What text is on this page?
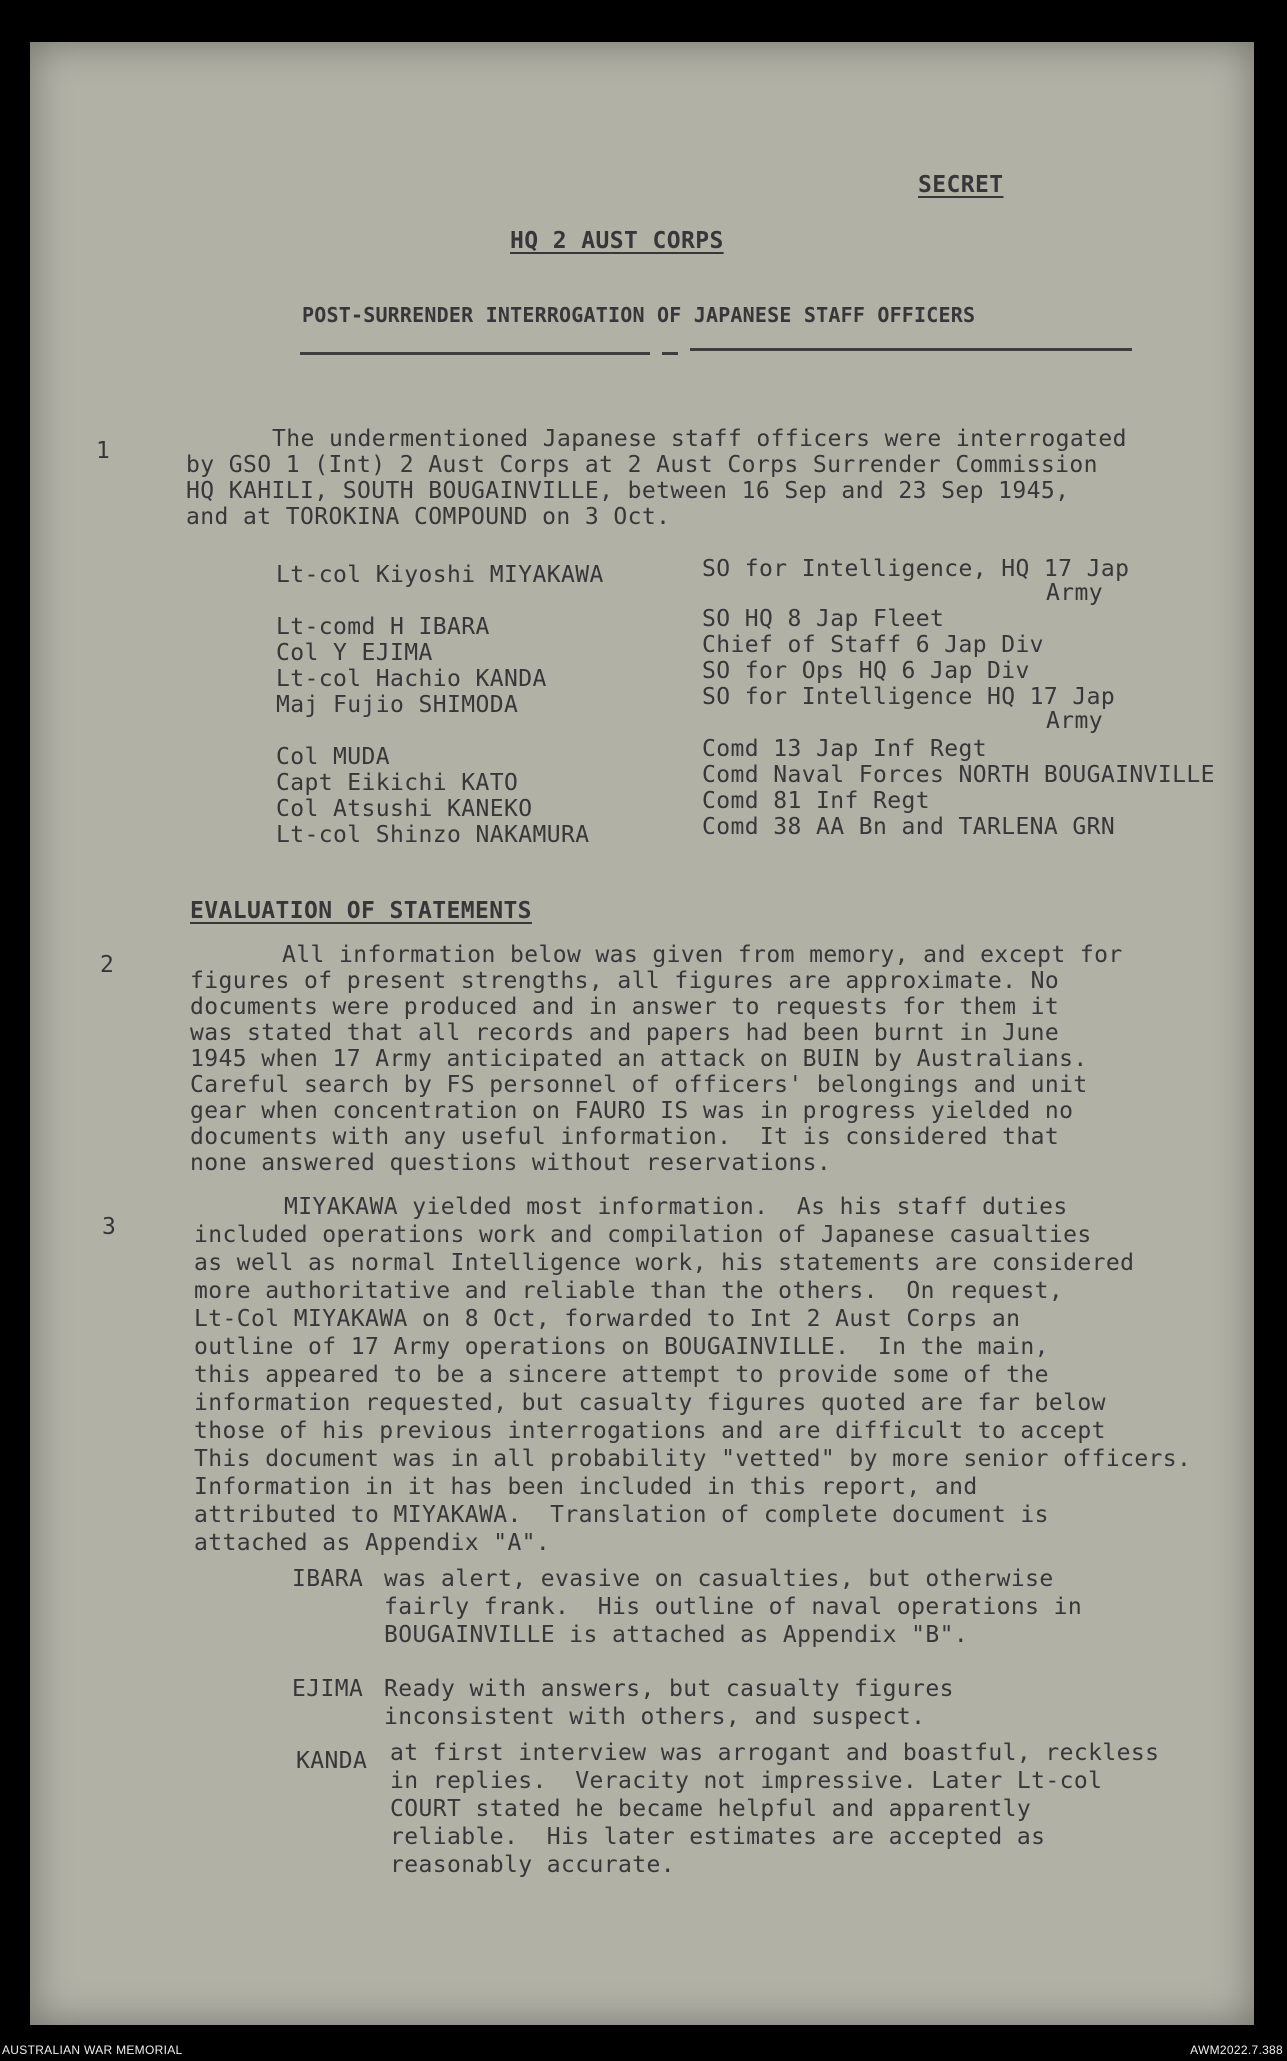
SECRET
HQ 2 AUST CORPS
POST-SURRENDER INTERROGATION OF JAPANESE STAFF OFFICERS
1	The undermentioned Japanese staff officers were interrogated
by GSO 1 (Int) 2 Aust Corps at 2 Aust Corps Surrender Commission
HQ KAHILI, SOUTH BOUGAINVILLE, between 16 Sep and 23 Sep 1945,
and at TOROKINA COMPOUND on 3 Oct.
Lt-col Kiyoshi MIYAKAWA	SO for Intelligence, HQ 17 Jap
Army
Lt-comd H IBARA	SO HQ 8 Jap Fleet
Col Y EJIMA	Chief of Staff 6 Jap Div
Lt-col Hachio KANDA	SO for Ops HQ 6 Jap Div
Maj Fujio SHIMODA	SO for Intelligence HQ 17 Jap
Army
Col MUDA	Comd 13 Jap Inf Regt
Capt Eikichi KATO	Comd Naval Forces NORTH BOUGAINVILLE
Col Atsushi KANEKO	Comd 81 Inf Regt
Lt-col Shinzo NAKAMURA	Comd 38 AA Bn and TARLENA GRN
EVALUATION OF STATEMENTS
2	All information below was given from memory, and except for
figures of present strengths, all figures are approximate. No
documents were produced and in answer to requests for them it
was stated that all records and papers had been burnt in June
1945 when 17 Army anticipated an attack on BUIN by Australians.
Careful search by FS personnel of officers' belongings and unit
gear when concentration on FAURO IS was in progress yielded no
documents with any useful information.  It is considered that
none answered questions without reservations.
3
MIYAKAWA yielded most information.  As his staff duties
included operations work and compilation of Japanese casualties
as well as normal Intelligence work, his statements are considered
more authoritative and reliable than the others.  On request,
Lt-Col MIYAKAWA on 8 Oct, forwarded to Int 2 Aust Corps an
outline of 17 Army operations on BOUGAINVILLE.  In the main,
this appeared to be a sincere attempt to provide some of the
information requested, but casualty figures quoted are far below
those of his previous interrogations and are difficult to accept
This document was in all probability "vetted" by more senior officers.
Information in it has been included in this report, and
attributed to MIYAKAWA.  Translation of complete document is
attached as Appendix "A".
IBARA was alert, evasive on casualties, but otherwise
fairly frank.  His outline of naval operations in
BOUGAINVILLE is attached as Appendix "B".
EJIMA Ready with answers, but casualty figures
inconsistent with others, and suspect.
KANDA at first interview was arrogant and boastful, reckless
in replies.  Veracity not impressive. Later Lt-col
COURT stated he became helpful and apparently
reliable.  His later estimates are accepted as
reasonably accurate.
AUSTRALIAN WAR MEMORIAL	AWM2022.7.388
